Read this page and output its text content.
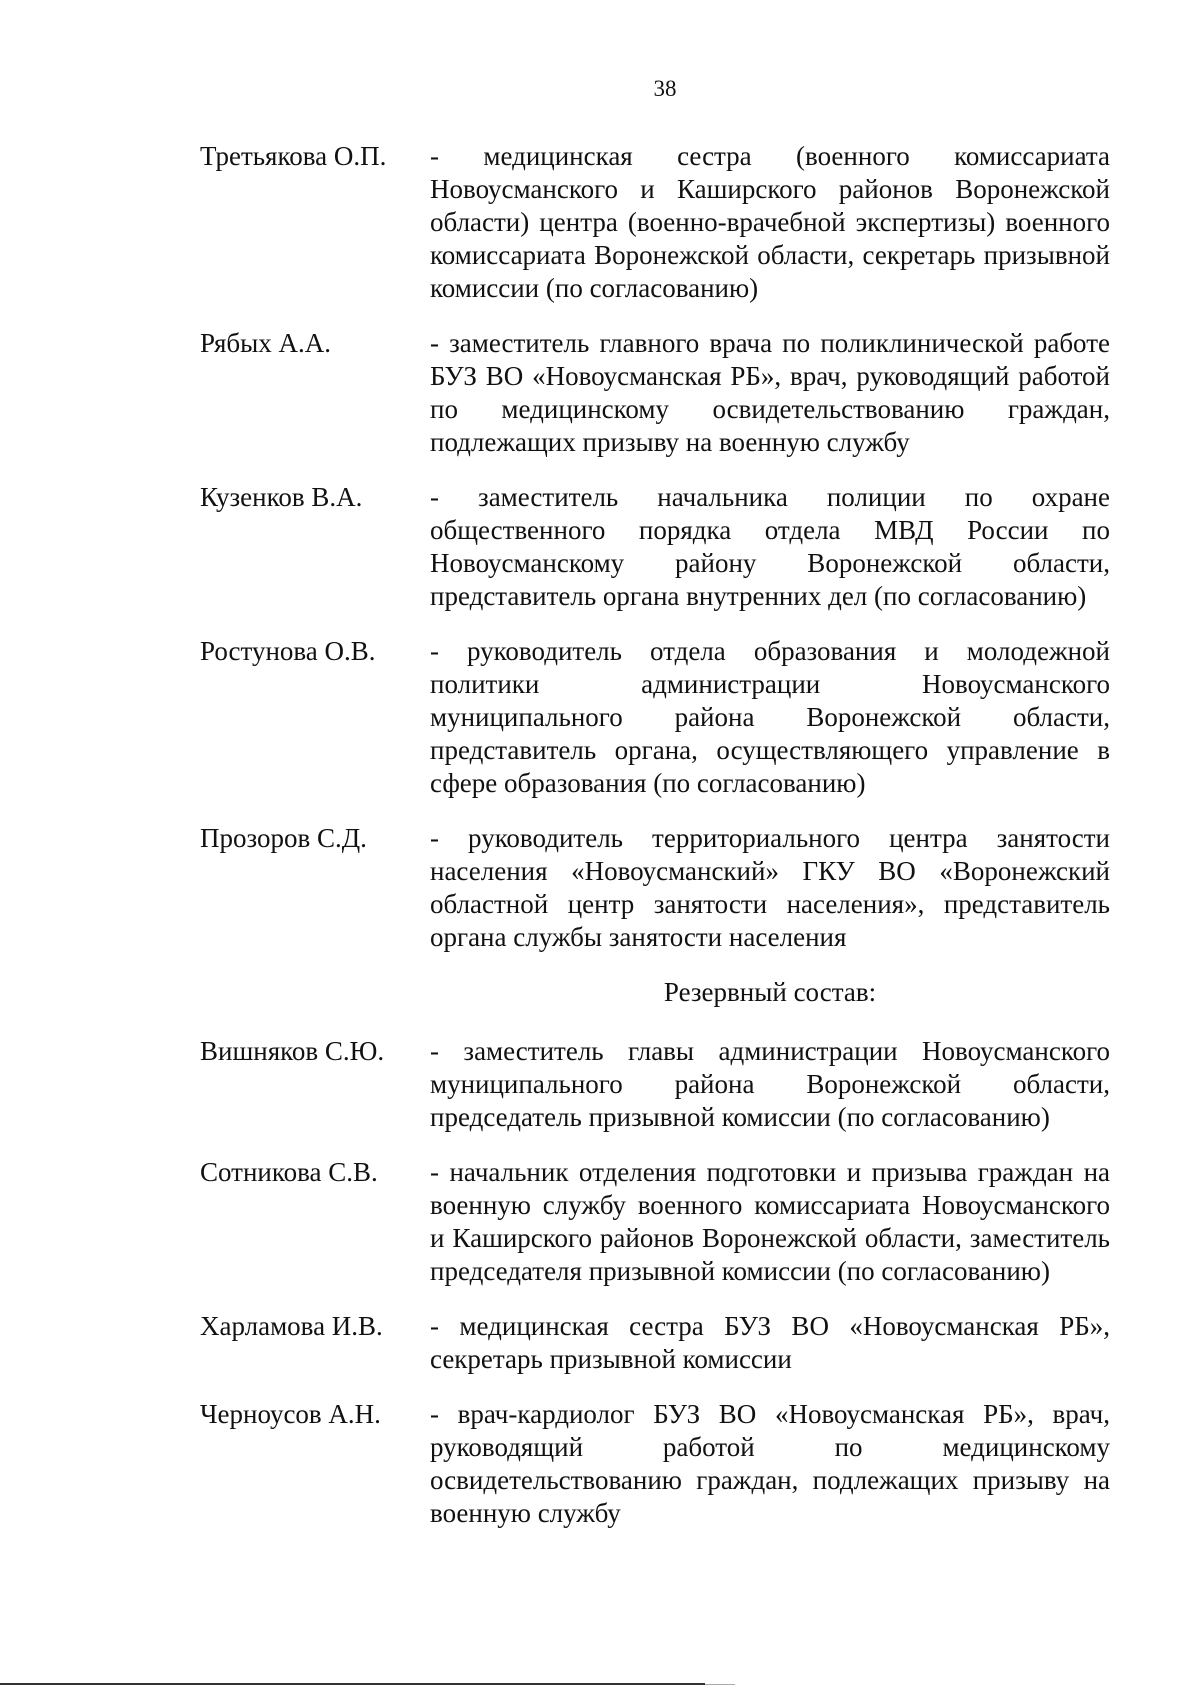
38
Третьякова О.П.	- медицинская сестра (военного комиссариата Новоусманского и Каширского районов Воронежской области) центра (военно-врачебной экспертизы) военного комиссариата Воронежской области, секретарь призывной комиссии (по согласованию)
Рябых А.А.	- заместитель главного врача по поликлинической работе БУЗ ВО «Новоусманская РБ», врач, руководящий работой по медицинскому освидетельствованию граждан, подлежащих призыву на военную службу
Кузенков В.А.	- заместитель начальника полиции по охране общественного порядка отдела МВД России по Новоусманскому району Воронежской области, представитель органа внутренних дел (по согласованию)
Ростунова О.В.	- руководитель отдела образования и молодежной политики администрации Новоусманского муниципального района Воронежской области, представитель органа, осуществляющего управление в сфере образования (по согласованию)
Прозоров С.Д.	- руководитель территориального центра занятости населения «Новоусманский» ГКУ ВО «Воронежский областной центр занятости населения», представитель органа службы занятости населения
Резервный состав:
Вишняков С.Ю.	- заместитель главы администрации Новоусманского муниципального района Воронежской области, председатель призывной комиссии (по согласованию)
Сотникова С.В.	- начальник отделения подготовки и призыва граждан на военную службу военного комиссариата Новоусманского и Каширского районов Воронежской области, заместитель председателя призывной комиссии (по согласованию)
Харламова И.В.	- медицинская сестра БУЗ ВО «Новоусманская РБ», секретарь призывной комиссии
Черноусов А.Н.	- врач-кардиолог БУЗ ВО «Новоусманская РБ», врач, руководящий работой по медицинскому освидетельствованию граждан, подлежащих призыву на военную службу
